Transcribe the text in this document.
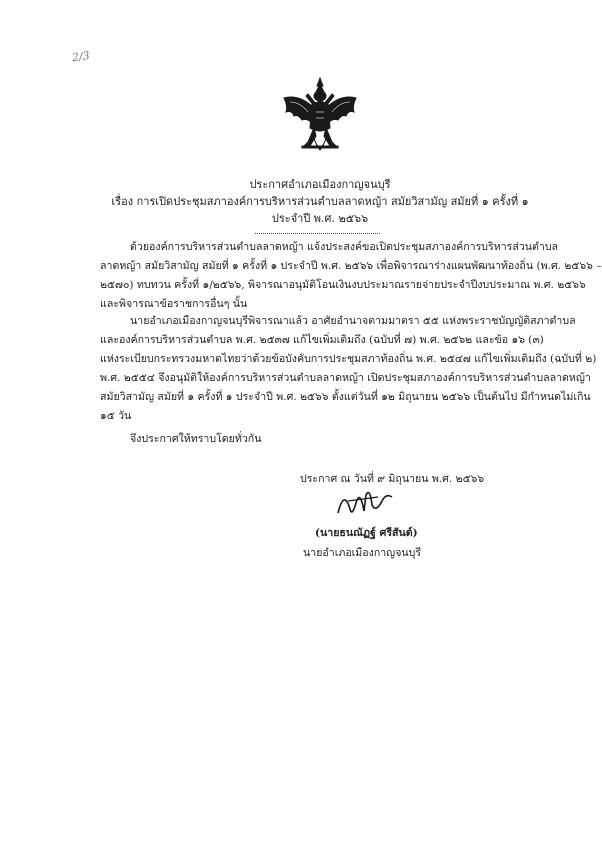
2/3
ประกาศอำเภอเมืองกาญจนบุรี
เรื่อง การเปิดประชุมสภาองค์การบริหารส่วนตำบลลาดหญ้า สมัยวิสามัญ สมัยที่ ๑ ครั้งที่ ๑
ประจำปี พ.ศ. ๒๕๖๖
ด้วยองค์การบริหารส่วนตำบลลาดหญ้า แจ้งประสงค์ขอเปิดประชุมสภาองค์การบริหารส่วนตำบล
ลาดหญ้า สมัยวิสามัญ สมัยที่ ๑ ครั้งที่ ๑ ประจำปี พ.ศ. ๒๕๖๖ เพื่อพิจารณาร่างแผนพัฒนาท้องถิ่น (พ.ศ. ๒๕๖๖ –
๒๕๗๐) ทบทวน ครั้งที่ ๑/๒๕๖๖, พิจารณาอนุมัติโอนเงินงบประมาณรายจ่ายประจำปีงบประมาณ พ.ศ. ๒๕๖๖
และพิจารณาข้อราชการอื่นๆ นั้น
นายอำเภอเมืองกาญจนบุรีพิจารณาแล้ว อาศัยอำนาจตามมาตรา ๕๕ แห่งพระราชบัญญัติสภาตำบล
และองค์การบริหารส่วนตำบล พ.ศ. ๒๕๓๗ แก้ไขเพิ่มเติมถึง (ฉบับที่ ๗) พ.ศ. ๒๕๖๒ และข้อ ๑๖ (๓)
แห่งระเบียบกระทรวงมหาดไทยว่าด้วยข้อบังคับการประชุมสภาท้องถิ่น พ.ศ. ๒๕๔๗ แก้ไขเพิ่มเติมถึง (ฉบับที่ ๒)
พ.ศ. ๒๕๕๔ จึงอนุมัติให้องค์การบริหารส่วนตำบลลาดหญ้า เปิดประชุมสภาองค์การบริหารส่วนตำบลลาดหญ้า
สมัยวิสามัญ สมัยที่ ๑ ครั้งที่ ๑ ประจำปี พ.ศ. ๒๕๖๖ ตั้งแต่วันที่ ๑๒ มิถุนายน ๒๕๖๖ เป็นต้นไป มีกำหนดไม่เกิน
๑๕ วัน
จึงประกาศให้ทราบโดยทั่วกัน
ประกาศ ณ วันที่ ๙ มิถุนายน พ.ศ. ๒๕๖๖
(นายธนณัฏฐ์ ศรีสันต์)
นายอำเภอเมืองกาญจนบุรี
